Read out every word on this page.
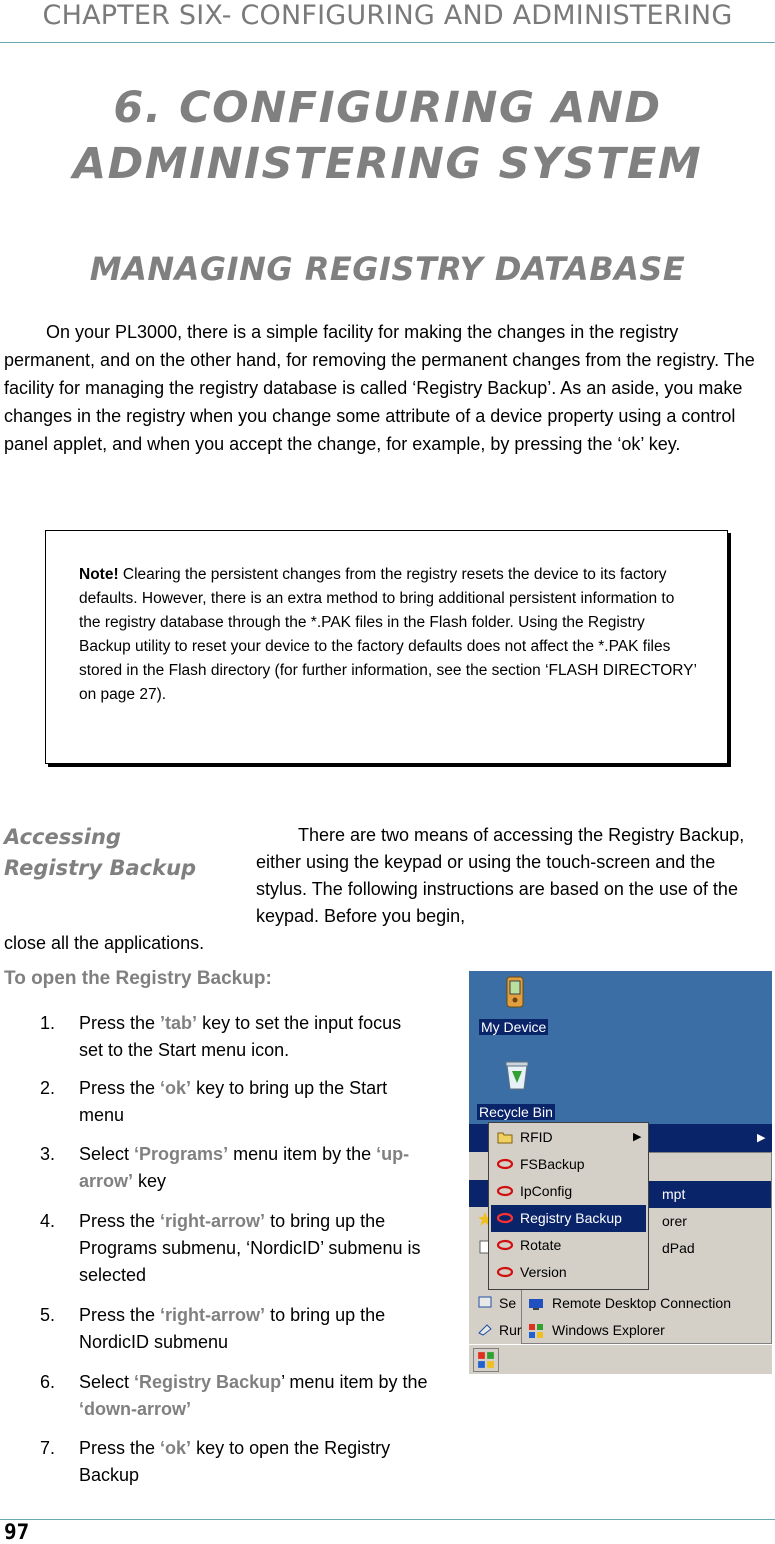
CHAPTER SIX- CONFIGURING AND ADMINISTERING
6. CONFIGURING AND
ADMINISTERING SYSTEM
MANAGING REGISTRY DATABASE
On your PL3000, there is a simple facility for making the changes in the registry permanent, and on the other hand, for removing the permanent changes from the registry. The facility for managing the registry database is called ‘Registry Backup’. As an aside, you make changes in the registry when you change some attribute of a device property using a control panel applet, and when you accept the change, for example, by pressing the ‘ok’ key.
Note! Clearing the persistent changes from the registry resets the device to its factory defaults. However, there is an extra method to bring additional persistent information to the registry database through the *.PAK files in the Flash folder. Using the Registry Backup utility to reset your device to the factory defaults does not affect the *.PAK files stored in the Flash directory (for further information, see the section ‘FLASH DIRECTORY’ on page 27).
Accessing
Registry Backup
There are two means of accessing the Registry Backup, either using the keypad or using the touch-screen and the stylus. The following instructions are based on the use of the keypad. Before you begin,
close all the applications.
To open the Registry Backup:
1. Press the ’tab’ key to set the input focus set to the Start menu icon.
2. Press the ‘ok’ key to bring up the Start menu
3. Select ‘Programs’ menu item by the ‘up-arrow’ key
4. Press the ‘right-arrow’ to bring up the Programs submenu, ‘NordicID’ submenu is selected
5. Press the ‘right-arrow’ to bring up the NordicID submenu
6. Select ‘Registry Backup’ menu item by the ‘down-arrow’
7. Press the ‘ok’ key to open the Registry Backup
My Device
Recycle Bin
▶
mpt
orer
dPad
Remote Desktop Connection
Windows Explorer
Se
Rur
RFID	▶
FSBackup
IpConfig
Registry Backup
Rotate
Version
97
